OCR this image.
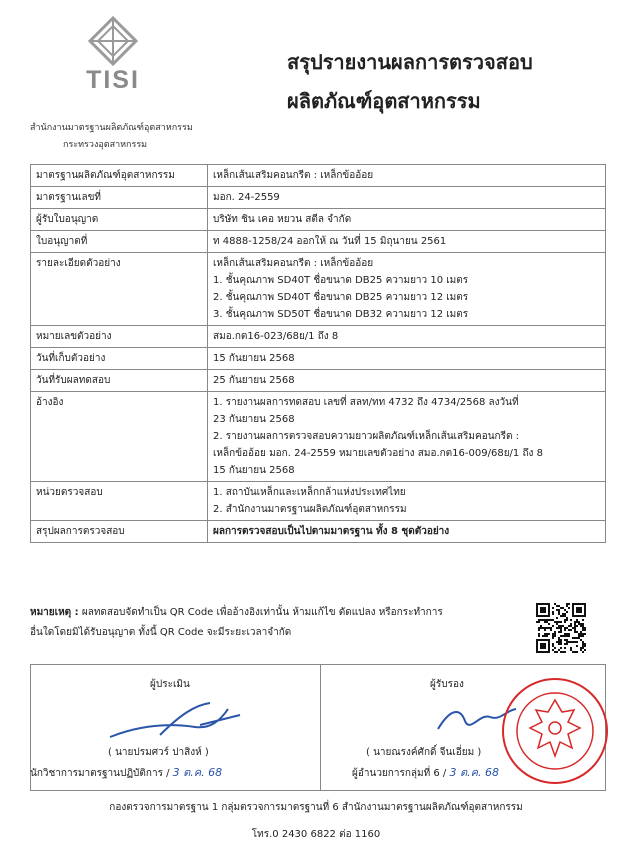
TISI
สำนักงานมาตรฐานผลิตภัณฑ์อุตสาหกรรม
กระทรวงอุตสาหกรรม
สรุปรายงานผลการตรวจสอบ
ผลิตภัณฑ์อุตสาหกรรม
มาตรฐานผลิตภัณฑ์อุตสาหกรรม	เหล็กเส้นเสริมคอนกรีต : เหล็กข้ออ้อย

มาตรฐานเลขที่	มอก. 24-2559

ผู้รับใบอนุญาต	บริษัท ชิน เคอ หยวน สตีล จำกัด

ใบอนุญาตที่	ท 4888-1258/24 ออกให้ ณ วันที่ 15 มิถุนายน 2561

รายละเอียดตัวอย่าง	เหล็กเส้นเสริมคอนกรีต : เหล็กข้ออ้อย
1. ชั้นคุณภาพ SD40T ชื่อขนาด DB25 ความยาว 10 เมตร
2. ชั้นคุณภาพ SD40T ชื่อขนาด DB25 ความยาว 12 เมตร
3. ชั้นคุณภาพ SD50T ชื่อขนาด DB32 ความยาว 12 เมตร

หมายเลขตัวอย่าง	สมอ.กต16-023/68ย/1 ถึง 8

วันที่เก็บตัวอย่าง	15 กันยายน 2568

วันที่รับผลทดสอบ	25 กันยายน 2568

อ้างอิง	1. รายงานผลการทดสอบ เลขที่ สลท/ทท 4732 ถึง 4734/2568 ลงวันที่
23 กันยายน 2568
2. รายงานผลการตรวจสอบความยาวผลิตภัณฑ์เหล็กเส้นเสริมคอนกรีต :
เหล็กข้ออ้อย มอก. 24-2559 หมายเลขตัวอย่าง สมอ.กต16-009/68ย/1 ถึง 8
15 กันยายน 2568

หน่วยตรวจสอบ	1. สถาบันเหล็กและเหล็กกล้าแห่งประเทศไทย
2. สำนักงานมาตรฐานผลิตภัณฑ์อุตสาหกรรม

สรุปผลการตรวจสอบ	ผลการตรวจสอบเป็นไปตามมาตรฐาน ทั้ง 8 ชุดตัวอย่าง
หมายเหตุ : ผลทดสอบจัดทำเป็น QR Code เพื่ออ้างอิงเท่านั้น ห้ามแก้ไข ตัดแปลง หรือกระทำการ
อื่นใดโดยมิได้รับอนุญาต ทั้งนี้ QR Code จะมีระยะเวลาจำกัด
ผู้ประเมิน
( นายปรมศวร์ ปาสิงห์ )
นักวิชาการมาตรฐานปฏิบัติการ / 3 ต.ค. 68
ผู้รับรอง
( นายณรงค์ศักดิ์ จีนเอี่ยม )
ผู้อำนวยการกลุ่มที่ 6 / 3 ต.ค. 68
กองตรวจการมาตรฐาน 1 กลุ่มตรวจการมาตรฐานที่ 6 สำนักงานมาตรฐานผลิตภัณฑ์อุตสาหกรรม
โทร.0 2430 6822 ต่อ 1160
